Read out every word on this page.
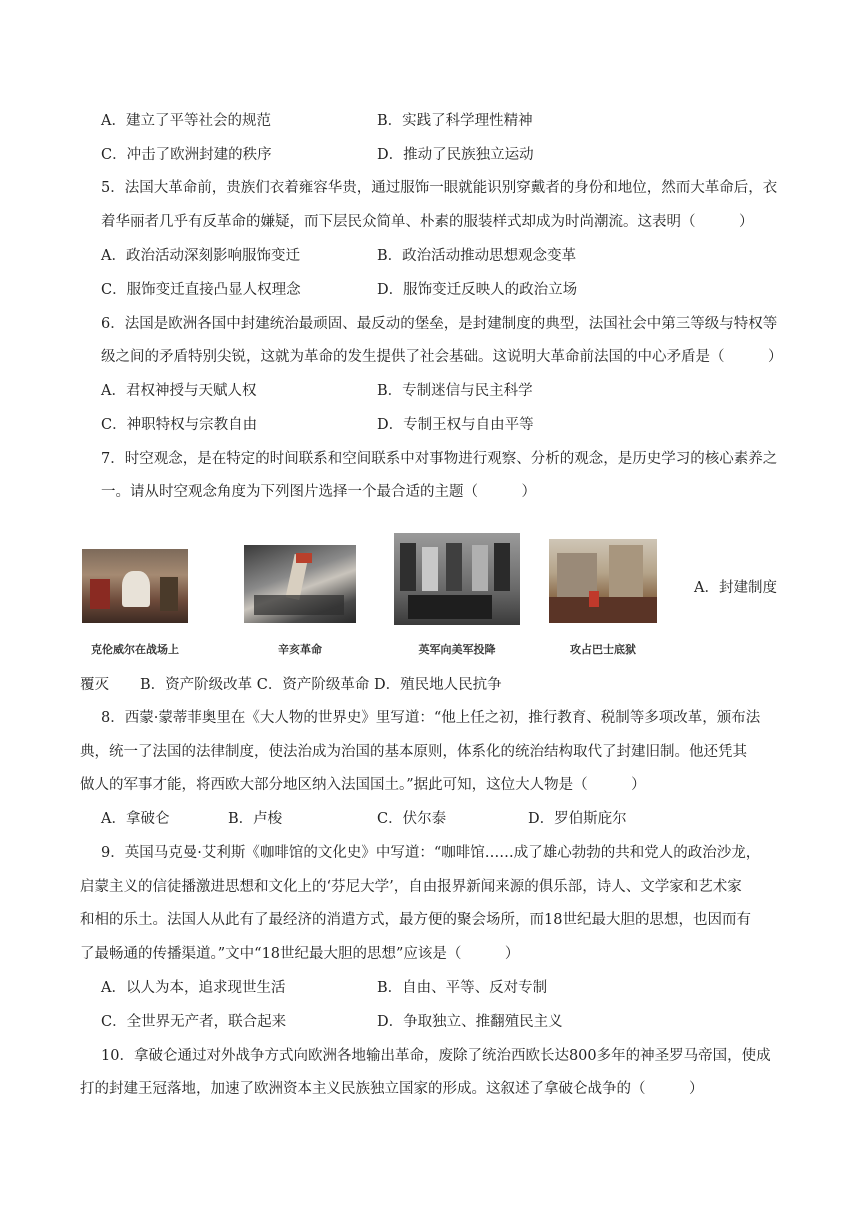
A．建立了平等社会的规范	B．实践了科学理性精神
C．冲击了欧洲封建的秩序	D．推动了民族独立运动
5．法国大革命前，贵族们衣着雍容华贵，通过服饰一眼就能识别穿戴者的身份和地位，然而大革命后，衣
着华丽者几乎有反革命的嫌疑，而下层民众简单、朴素的服装样式却成为时尚潮流。这表明（　　　）
A．政治活动深刻影响服饰变迁	B．政治活动推动思想观念变革
C．服饰变迁直接凸显人权理念	D．服饰变迁反映人的政治立场
6．法国是欧洲各国中封建统治最顽固、最反动的堡垒，是封建制度的典型，法国社会中第三等级与特权等
级之间的矛盾特别尖锐，这就为革命的发生提供了社会基础。这说明大革命前法国的中心矛盾是（　　　）
A．君权神授与天赋人权	B．专制迷信与民主科学
C．神职特权与宗教自由	D．专制王权与自由平等
7．时空观念，是在特定的时间联系和空间联系中对事物进行观察、分析的观念，是历史学习的核心素养之
一。请从时空观念角度为下列图片选择一个最合适的主题（　　　）
克伦威尔在战场上	辛亥革命	英军向美军投降	攻占巴士底狱
A．封建制度
覆灭 B．资产阶级改革 C．资产阶级革命 D．殖民地人民抗争
8．西蒙·蒙蒂菲奥里在《大人物的世界史》里写道：“他上任之初，推行教育、税制等多项改革，颁布法
典，统一了法国的法律制度，使法治成为治国的基本原则，体系化的统治结构取代了封建旧制。他还凭其
做人的军事才能，将西欧大部分地区纳入法国国土。”据此可知，这位大人物是（　　　）
A．拿破仑	B．卢梭	C．伏尔泰	D．罗伯斯庇尔
9．英国马克曼·艾利斯《咖啡馆的文化史》中写道：“咖啡馆……成了雄心勃勃的共和党人的政治沙龙，
启蒙主义的信徒播激进思想和文化上的‘芬尼大学’，自由报界新闻来源的俱乐部，诗人、文学家和艺术家
和相的乐土。法国人从此有了最经济的消遣方式，最方便的聚会场所，而18世纪最大胆的思想，也因而有
了最畅通的传播渠道。”文中“18世纪最大胆的思想”应该是（　　　）
A．以人为本，追求现世生活	B．自由、平等、反对专制
C．全世界无产者，联合起来	D．争取独立、推翻殖民主义
10．拿破仑通过对外战争方式向欧洲各地输出革命，废除了统治西欧长达800多年的神圣罗马帝国，使成
打的封建王冠落地，加速了欧洲资本主义民族独立国家的形成。这叙述了拿破仑战争的（　　　）
